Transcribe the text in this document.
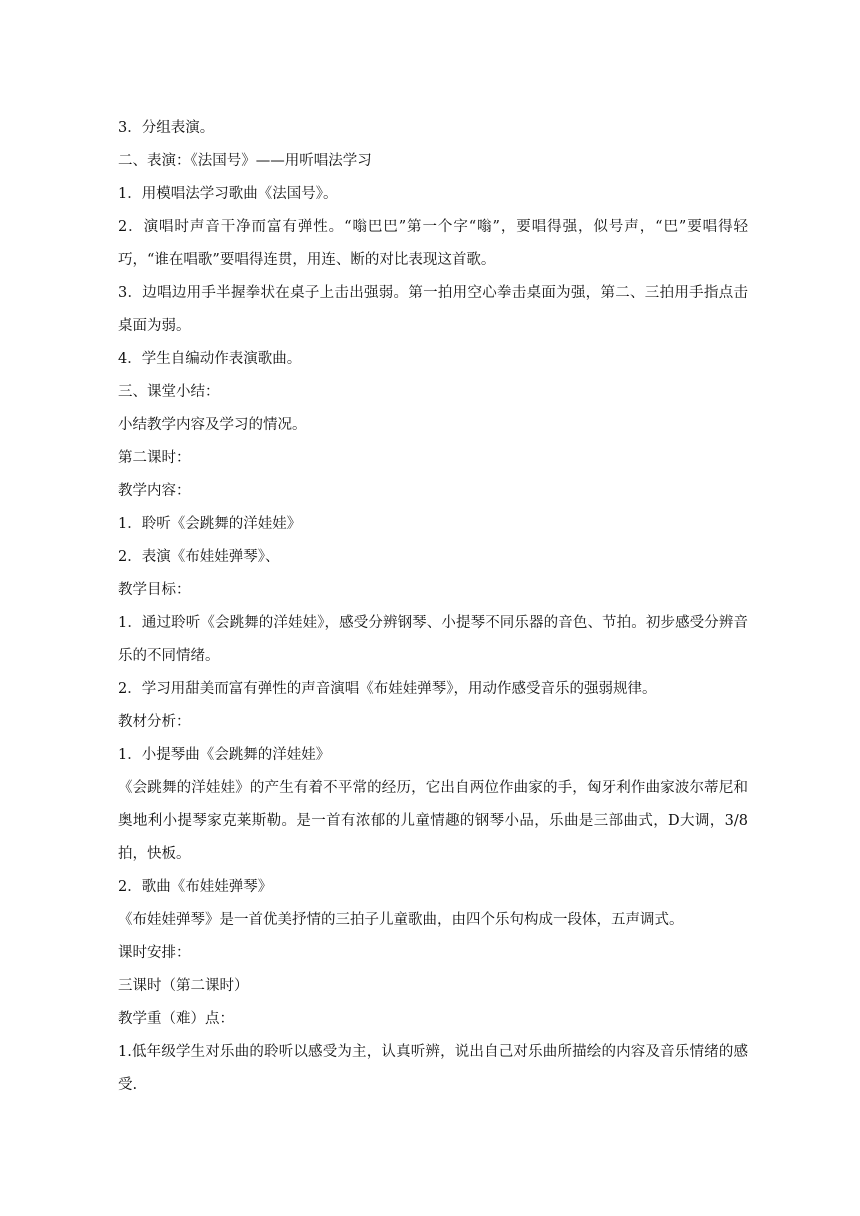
3．分组表演。

二、表演：《法国号》——用听唱法学习

1．用模唱法学习歌曲《法国号》。

2．演唱时声音干净而富有弹性。“嗡巴巴”第一个字“嗡”，要唱得强，似号声，“巴”要唱得轻巧，“谁在唱歌”要唱得连贯，用连、断的对比表现这首歌。

3．边唱边用手半握拳状在桌子上击出强弱。第一拍用空心拳击桌面为强，第二、三拍用手指点击桌面为弱。

4．学生自编动作表演歌曲。

三、课堂小结：

小结教学内容及学习的情况。

第二课时：

教学内容：

1．聆听《会跳舞的洋娃娃》

2．表演《布娃娃弹琴》、

教学目标：

1．通过聆听《会跳舞的洋娃娃》，感受分辨钢琴、小提琴不同乐器的音色、节拍。初步感受分辨音乐的不同情绪。

2．学习用甜美而富有弹性的声音演唱《布娃娃弹琴》，用动作感受音乐的强弱规律。

教材分析：

1．小提琴曲《会跳舞的洋娃娃》

《会跳舞的洋娃娃》的产生有着不平常的经历，它出自两位作曲家的手，匈牙利作曲家波尔蒂尼和奥地利小提琴家克莱斯勒。是一首有浓郁的儿童情趣的钢琴小品，乐曲是三部曲式，D大调，3/8拍，快板。

2．歌曲《布娃娃弹琴》

《布娃娃弹琴》是一首优美抒情的三拍子儿童歌曲，由四个乐句构成一段体，五声调式。

课时安排：

三课时（第二课时）

教学重（难）点：

1.低年级学生对乐曲的聆听以感受为主，认真听辨，说出自己对乐曲所描绘的内容及音乐情绪的感受.
